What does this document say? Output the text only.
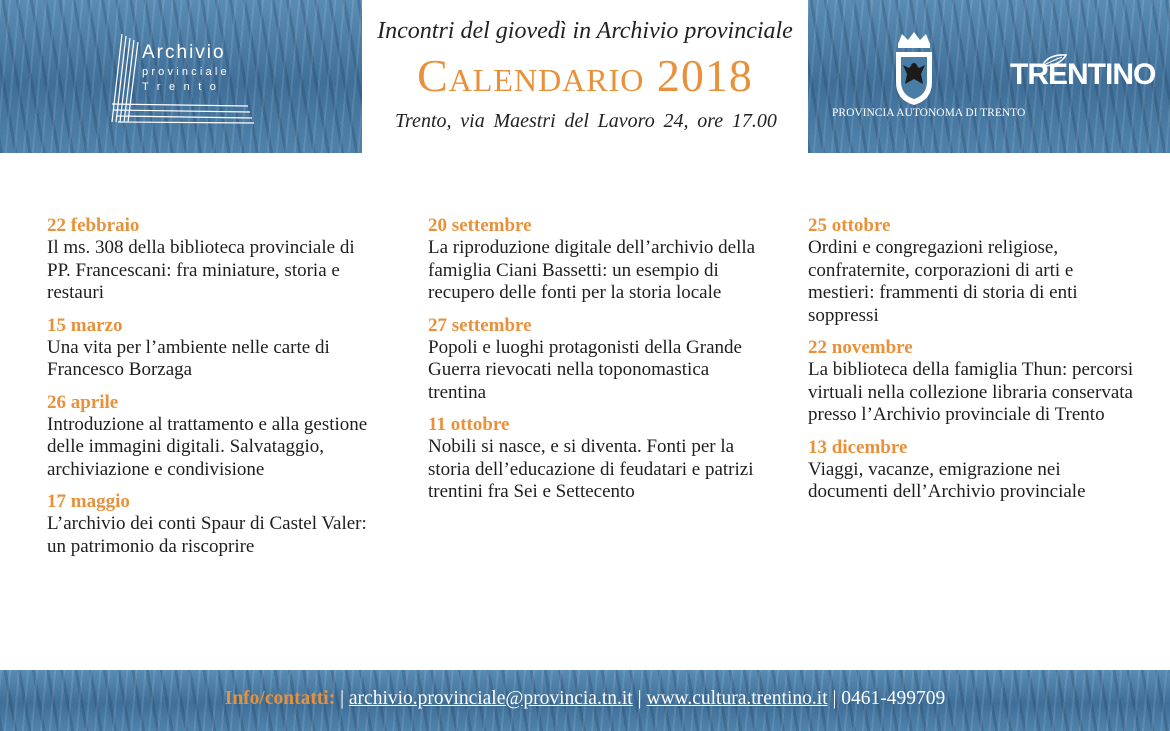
Archivio
provinciale
Trento
Incontri del giovedì in Archivio provinciale
Calendario 2018
Trento, via Maestri del Lavoro 24, ore 17.00	PROVINCIA AUTONOMA DI TRENTO
TRENTINO
22 febbraio
Il ms. 308 della biblioteca provinciale di PP. Francescani: fra miniature, storia e restauri
15 marzo
Una vita per l’ambiente nelle carte di Francesco Borzaga
26 aprile
Introduzione al trattamento e alla gestione delle immagini digitali. Salvataggio, archiviazione e condivisione
17 maggio
L’archivio dei conti Spaur di Castel Valer: un patrimonio da riscoprire
20 settembre
La riproduzione digitale dell’archivio della famiglia Ciani Bassetti: un esempio di recupero delle fonti per la storia locale
27 settembre
Popoli e luoghi protagonisti della Grande Guerra rievocati nella toponomastica trentina
11 ottobre
Nobili si nasce, e si diventa. Fonti per la storia dell’educazione di feudatari e patrizi trentini fra Sei e Settecento
25 ottobre
Ordini e congregazioni religiose, confraternite, corporazioni di arti e mestieri: frammenti di storia di enti soppressi
22 novembre
La biblioteca della famiglia Thun: percorsi virtuali nella collezione libraria conservata presso l’Archivio provinciale di Trento
13 dicembre
Viaggi, vacanze, emigrazione nei documenti dell’Archivio provinciale
Info/contatti: | archivio.provinciale@provincia.tn.it | www.cultura.trentino.it | 0461-499709
